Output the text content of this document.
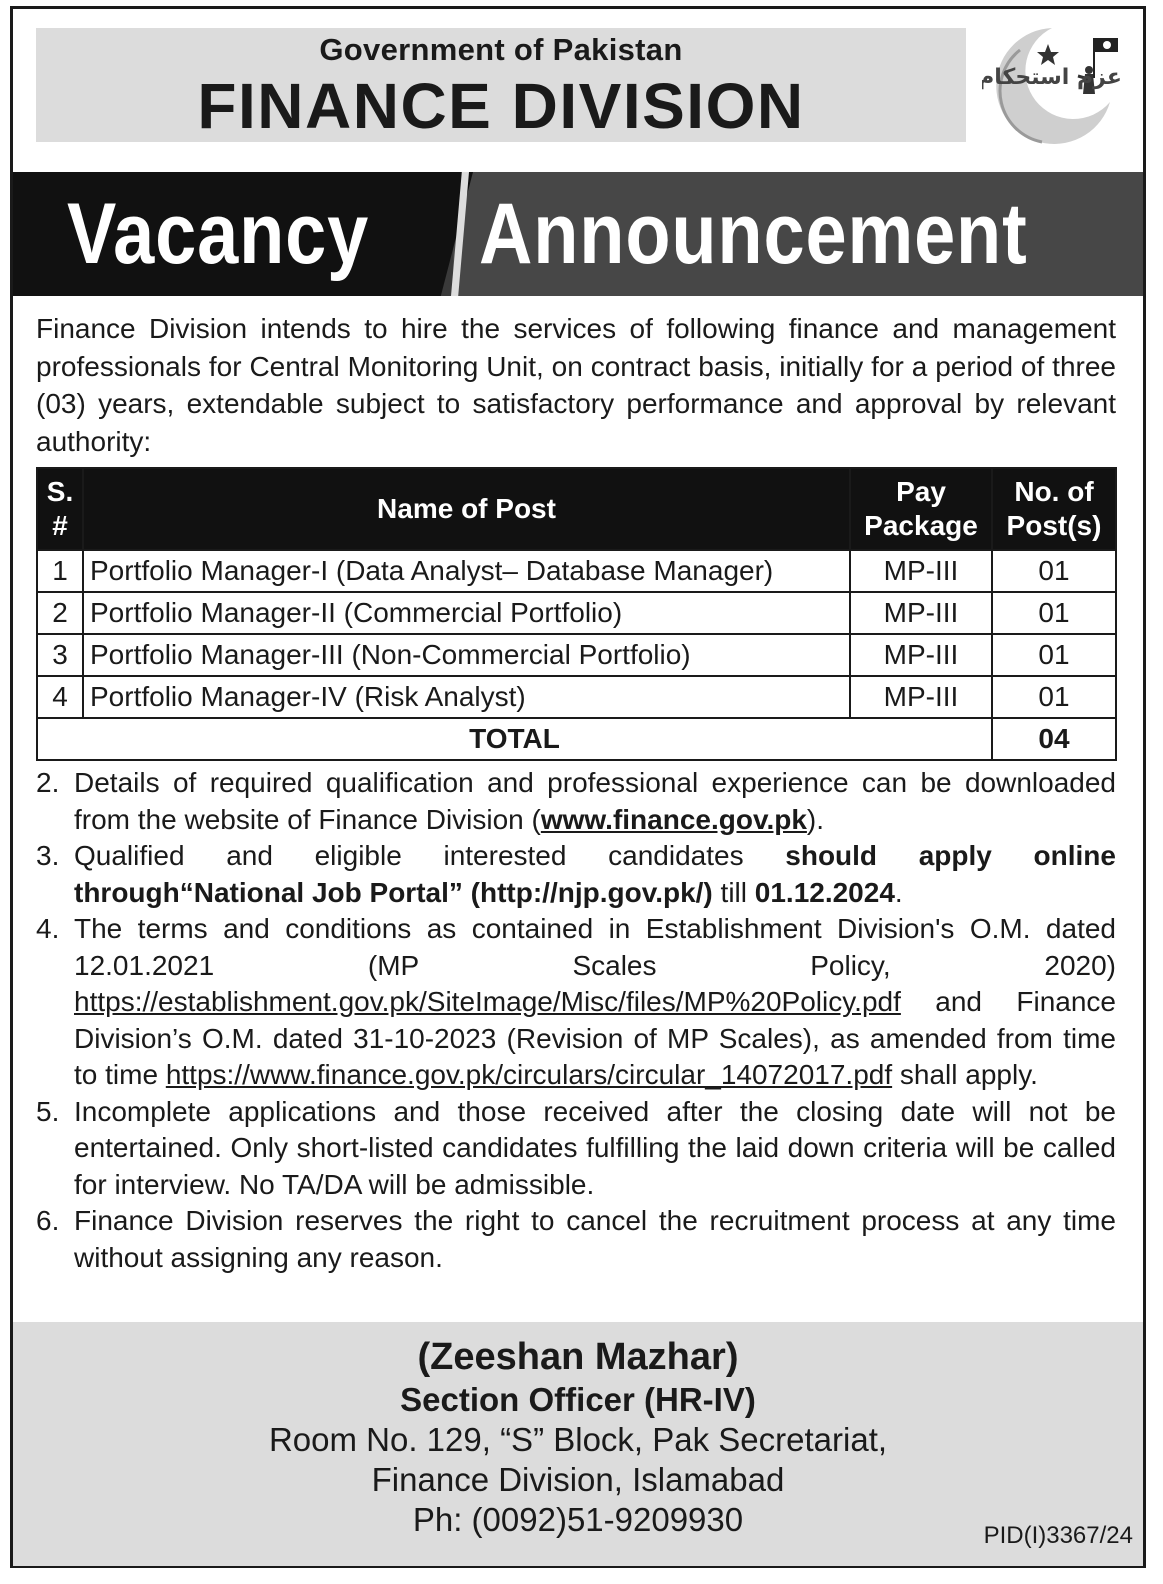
Government of Pakistan
FINANCE DIVISION	عزم استحکام
Vacancy Announcement

Finance Division intends to hire the services of following finance and management professionals for Central Monitoring Unit, on contract basis, initially for a period of three (03) years, extendable subject to satisfactory performance and approval by relevant authority:

S. #	Name of Post	Pay Package	No. of Post(s)
1	Portfolio Manager-I (Data Analyst– Database Manager)	MP-III	01
2	Portfolio Manager-II (Commercial Portfolio)	MP-III	01
3	Portfolio Manager-III (Non-Commercial Portfolio)	MP-III	01
4	Portfolio Manager-IV (Risk Analyst)	MP-III	01
TOTAL			04
2. Details of required qualification and professional experience can be downloaded from the website of Finance Division (www.finance.gov.pk).
3. Qualified and eligible interested candidates should apply online through“National Job Portal” (http://njp.gov.pk/) till 01.12.2024.
4. The terms and conditions as contained in Establishment Division's O.M. dated 12.01.2021 (MP Scales Policy, 2020) https://establishment.gov.pk/SiteImage/Misc/files/MP%20Policy.pdf and Finance Division’s O.M. dated 31-10-2023 (Revision of MP Scales), as amended from time to time https://www.finance.gov.pk/circulars/circular_14072017.pdf shall apply.
5. Incomplete applications and those received after the closing date will not be entertained. Only short-listed candidates fulfilling the laid down criteria will be called for interview. No TA/DA will be admissible.
6. Finance Division reserves the right to cancel the recruitment process at any time without assigning any reason.
(Zeeshan Mazhar)
Section Officer (HR-IV)
Room No. 129, “S” Block, Pak Secretariat,
Finance Division, Islamabad
Ph: (0092)51-9209930	PID(I)3367/24
